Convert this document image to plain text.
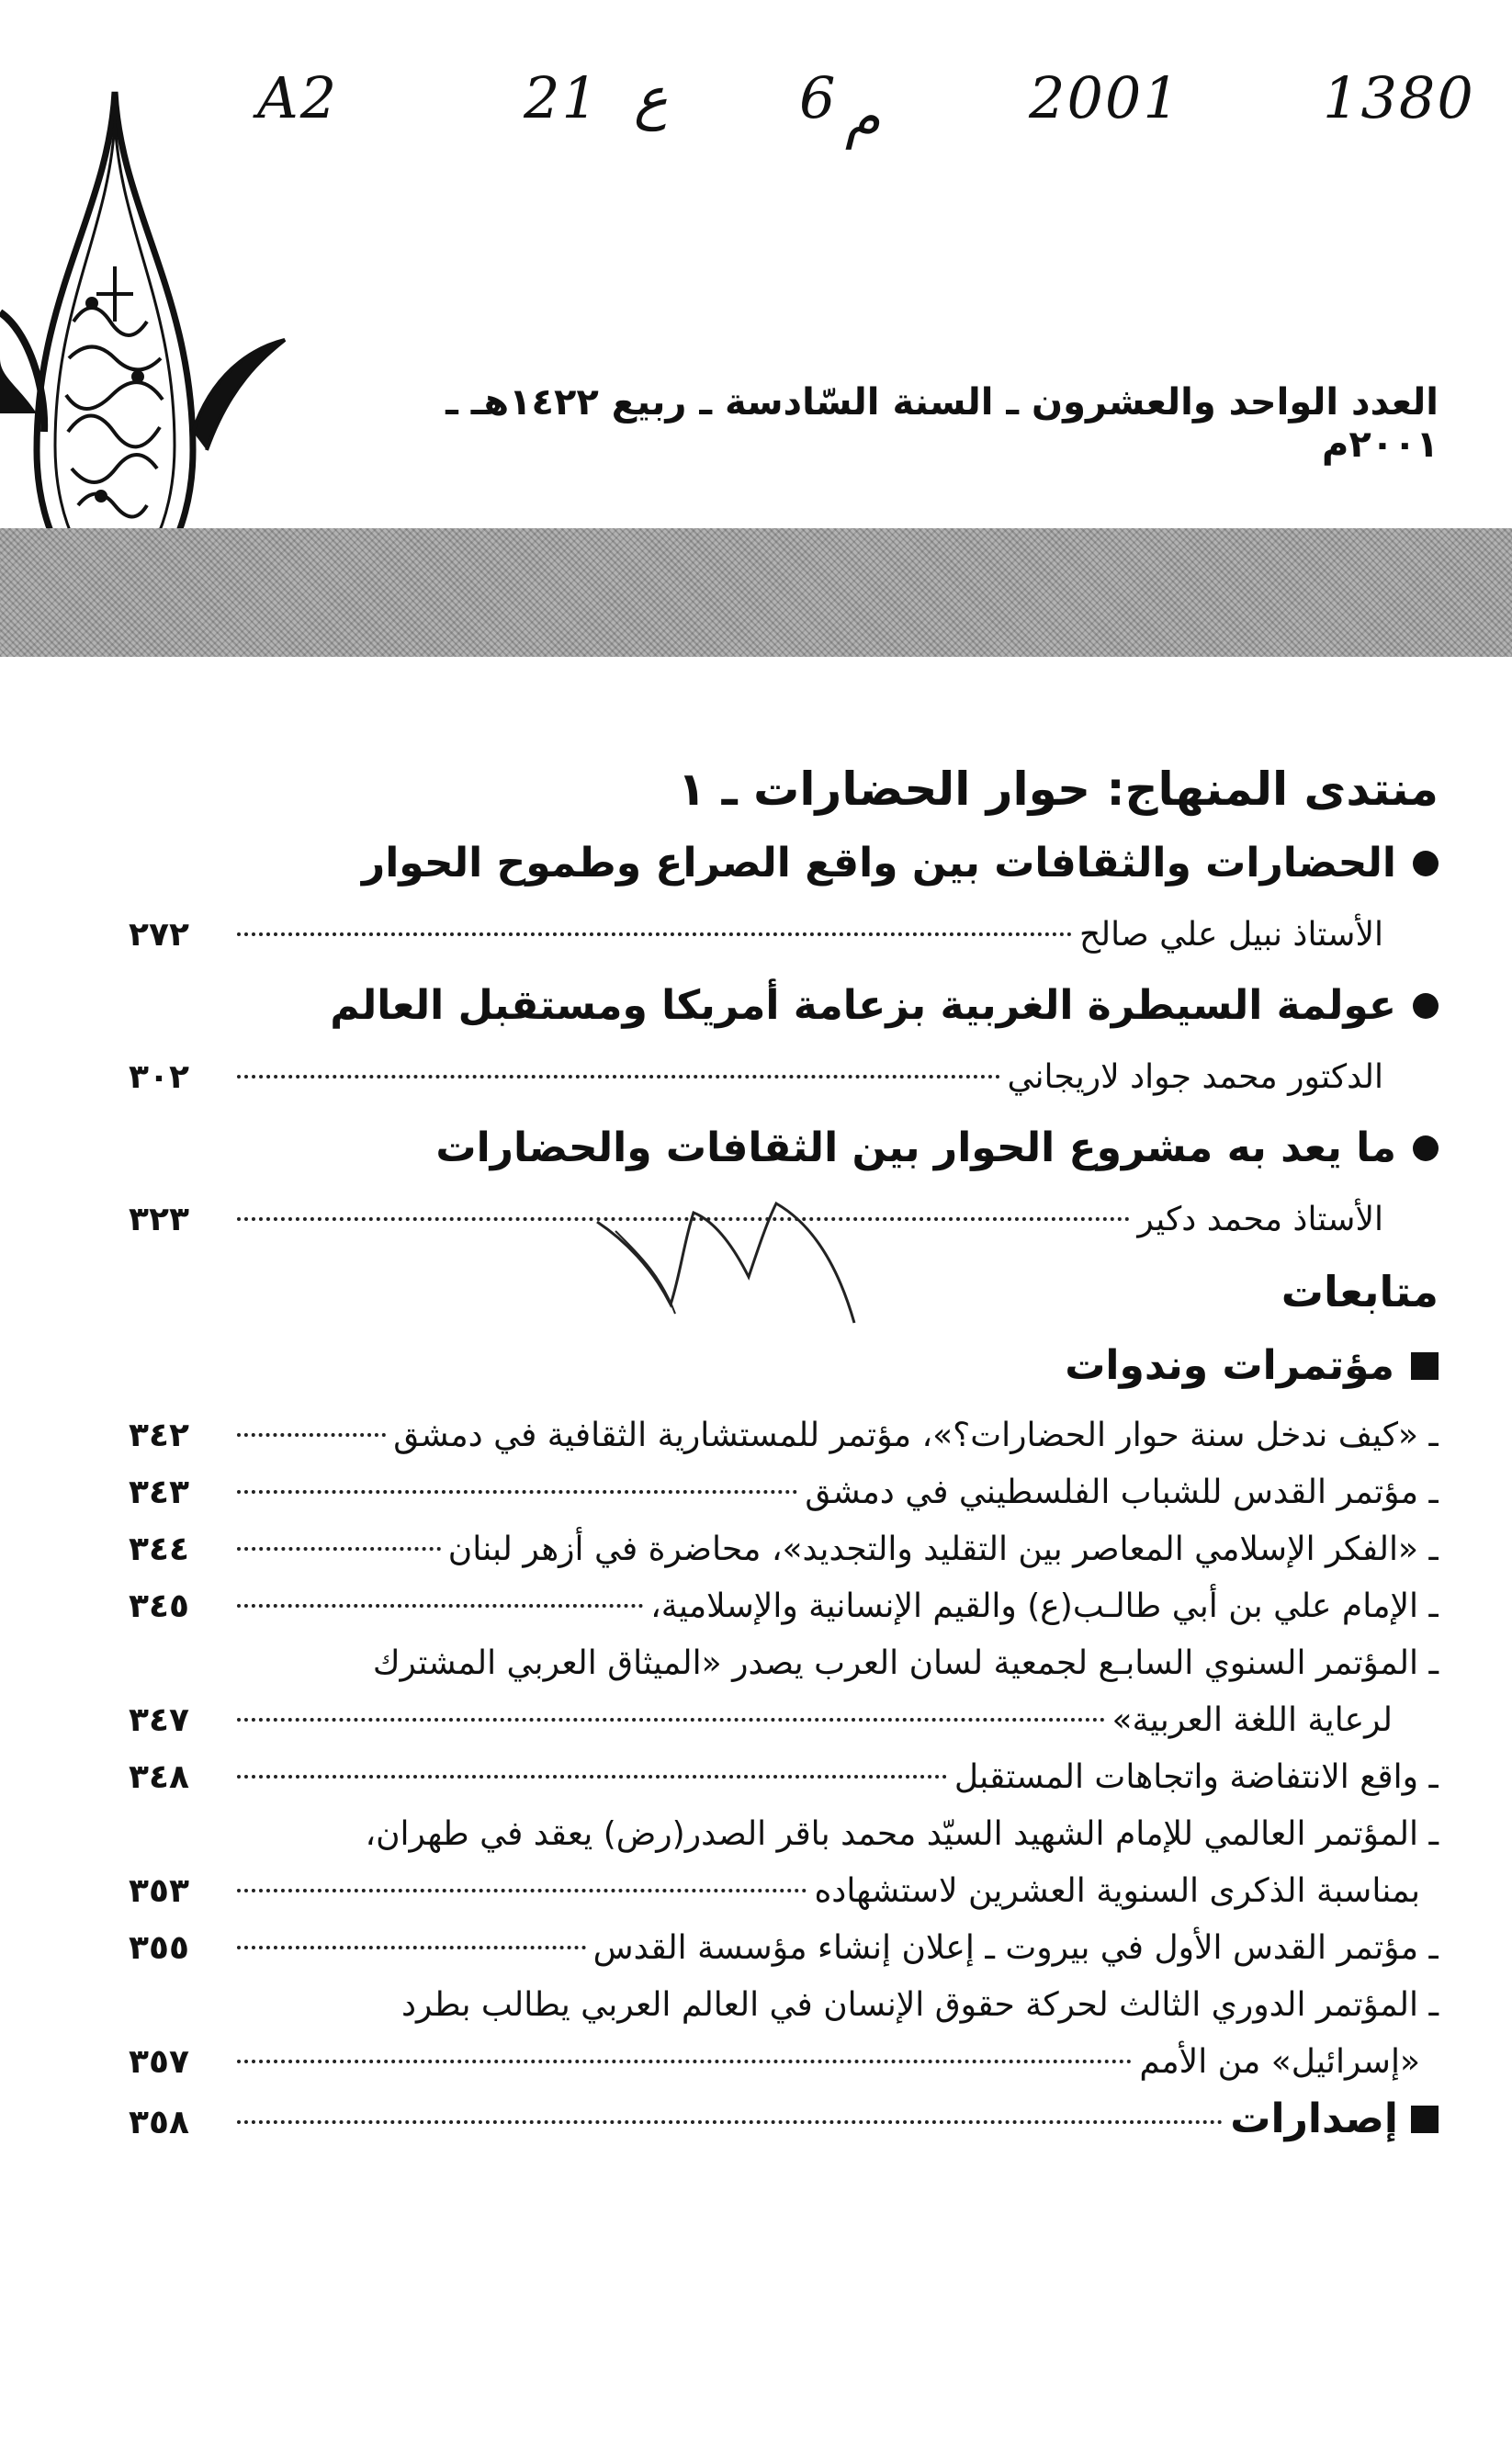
A2	21 ع 6 م	2001 1380
العدد الواحد والعشرون ـ السنة السّادسة ـ ربيع ١٤٢٢هـ ـ ٢٠٠١م
منتدى المنهاج: حوار الحضارات ـ ١
الحضارات والثقافات بين واقع الصراع وطموح الحوار
الأستاذ نبيل علي صالح
٢٧٢
عولمة السيطرة الغربية بزعامة أمريكا ومستقبل العالم
الدكتور محمد جواد لاريجاني
٣٠٢
ما يعد به مشروع الحوار بين الثقافات والحضارات
الأستاذ محمد دكير
٣٢٣
متابعات
مؤتمرات وندوات
ـ «كيف ندخل سنة حوار الحضارات؟»، مؤتمر للمستشارية الثقافية في دمشق
٣٤٢
ـ مؤتمر القدس للشباب الفلسطيني في دمشق
٣٤٣
ـ «الفكر الإسلامي المعاصر بين التقليد والتجديد»، محاضرة في أزهر لبنان
٣٤٤
ـ الإمام علي بن أبي طالـب(ع) والقيم الإنسانية والإسلامية،
٣٤٥
ـ المؤتمر السنوي السابـع لجمعية لسان العرب يصدر «الميثاق العربي المشترك
لرعاية اللغة العربية»
٣٤٧
ـ واقع الانتفاضة واتجاهات المستقبل
٣٤٨
ـ المؤتمر العالمي للإمام الشهيد السيّد محمد باقر الصدر(رض) يعقد في طهران،
بمناسبة الذكرى السنوية العشرين لاستشهاده
٣٥٣
ـ مؤتمر القدس الأول في بيروت ـ إعلان إنشاء مؤسسة القدس
٣٥٥
ـ المؤتمر الدوري الثالث لحركة حقوق الإنسان في العالم العربي يطالب بطرد
«إسرائيل» من الأمم
٣٥٧
إصدارات
٣٥٨
